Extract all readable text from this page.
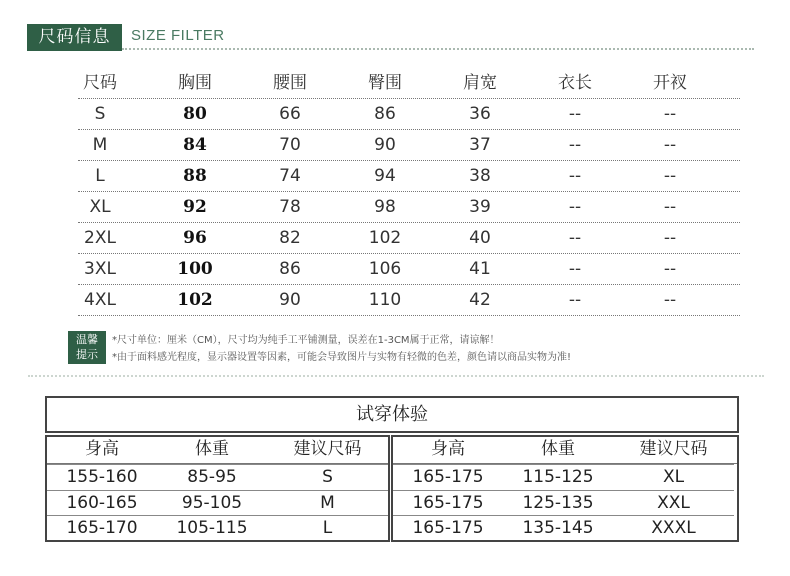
尺码信息	SIZE FILTER
尺码	胸围	腰围	臀围	肩宽	衣长	开衩
S	80	66	86	36	--	--
M	84	70	90	37	--	--
L	88	74	94	38	--	--
XL	92	78	98	39	--	--
2XL	96	82	102	40	--	--
3XL	100	86	106	41	--	--
4XL	102	90	110	42	--	--
温馨
提示
*尺寸单位：厘米（CM），尺寸均为纯手工平铺测量，误差在1-3CM属于正常，请谅解！
*由于面料感光程度，显示器设置等因素，可能会导致图片与实物有轻微的色差，颜色请以商品实物为准!
试穿体验
身高	体重	建议尺码
155-160	85-95	S
160-165	95-105	M
165-170	105-115	L
身高	体重	建议尺码
165-175	115-125	XL
165-175	125-135	XXL
165-175	135-145	XXXL
